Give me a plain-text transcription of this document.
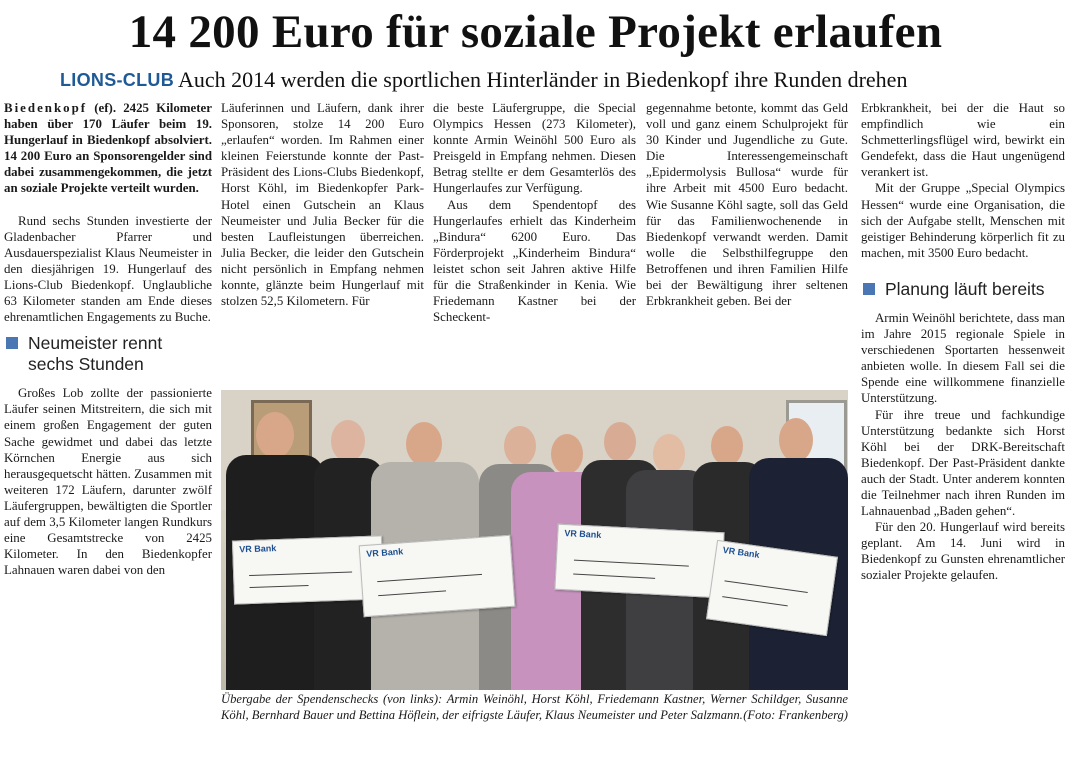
14 200 Euro für soziale Projekt erlaufen
LIONS-CLUB Auch 2014 werden die sportlichen Hinterländer in Biedenkopf ihre Runden drehen

Biedenkopf (ef). 2425 Kilometer haben über 170 Läufer beim 19. Hungerlauf in Biedenkopf absolviert. 14 200 Euro an Sponsorengelder sind dabei zusammengekommen, die jetzt an soziale Projekte verteilt wurden.

Rund sechs Stunden investierte der Gladenbacher Pfarrer und Ausdauerspezialist Klaus Neumeister in den diesjährigen 19. Hungerlauf des Lions-Club Biedenkopf. Unglaubliche 63 Kilometer standen am Ende dieses ehrenamtlichen Engagements zu Buche.

Neumeister rennt sechs Stunden

Großes Lob zollte der passionierte Läufer seinen Mitstreitern, die sich mit einem großen Engagement der guten Sache gewidmet und dabei das letzte Körnchen Energie aus sich herausgequetscht hätten. Zusammen mit weiteren 172 Läufern, darunter zwölf Läufergruppen, bewältigten die Sportler auf dem 3,5 Kilometer langen Rundkurs eine Gesamtstrecke von 2425 Kilometer. In den Biedenkopfer Lahnauen waren dabei von den

Läuferinnen und Läufern, dank ihrer Sponsoren, stolze 14 200 Euro „erlaufen“ worden. Im Rahmen einer kleinen Feierstunde konnte der Past-Präsident des Lions-Clubs Biedenkopf, Horst Köhl, im Biedenkopfer Park-Hotel einen Gutschein an Klaus Neumeister und Julia Becker für die besten Laufleistungen überreichen. Julia Becker, die leider den Gutschein nicht persönlich in Empfang nehmen konnte, glänzte beim Hungerlauf mit stolzen 52,5 Kilometern. Für

die beste Läufergruppe, die Special Olympics Hessen (273 Kilometer), konnte Armin Weinöhl 500 Euro als Preisgeld in Empfang nehmen. Diesen Betrag stellte er dem Gesamterlös des Hungerlaufes zur Verfügung.

Aus dem Spendentopf des Hungerlaufes erhielt das Kinderheim „Bindura“ 6200 Euro. Das Förderprojekt „Kinderheim Bindura“ leistet schon seit Jahren aktive Hilfe für die Straßenkinder in Kenia. Wie Friedemann Kastner bei der Scheckent-

gegennahme betonte, kommt das Geld voll und ganz einem Schulprojekt für 30 Kinder und Jugendliche zu Gute. Die Interessengemeinschaft „Epidermolysis Bullosa“ wurde für ihre Arbeit mit 4500 Euro bedacht. Wie Susanne Köhl sagte, soll das Geld für das Familienwochenende in Biedenkopf verwandt werden. Damit wolle die Selbsthilfegruppe den Betroffenen und ihren Familien Hilfe bei der Bewältigung ihrer seltenen Erbkrankheit geben. Bei der

Erbkrankheit, bei der die Haut so empfindlich wie ein Schmetterlingsflügel wird, bewirkt ein Gendefekt, dass die Haut ungenügend verankert ist.

Mit der Gruppe „Special Olympics Hessen“ wurde eine Organisation, die sich der Aufgabe stellt, Menschen mit geistiger Behinderung körperlich fit zu machen, mit 3500 Euro bedacht.

Planung läuft bereits

Armin Weinöhl berichtete, dass man im Jahre 2015 regionale Spiele in verschiedenen Sportarten hessenweit anbieten wolle. In diesem Fall sei die Spende eine willkommene finanzielle Unterstützung.

Für ihre treue und fachkundige Unterstützung bedankte sich Horst Köhl bei der DRK-Bereitschaft Biedenkopf. Der Past-Präsident dankte auch der Stadt. Unter anderem konnten die Teilnehmer nach ihren Runden im Lahnauenbad „Baden gehen“.

Für den 20. Hungerlauf wird bereits geplant. Am 14. Juni wird in Biedenkopf zu Gunsten ehrenamtlicher sozialer Projekte gelaufen.

VR Bank	VR Bank
VR Bank
VR Bank
Übergabe der Spendenschecks (von links): Armin Weinöhl, Horst Köhl, Friedemann Kastner, Werner Schildger, Susanne Köhl, Bernhard Bauer und Bettina Höflein, der eifrigste Läufer, Klaus Neumeister und Peter Salzmann. (Foto: Frankenberg)
